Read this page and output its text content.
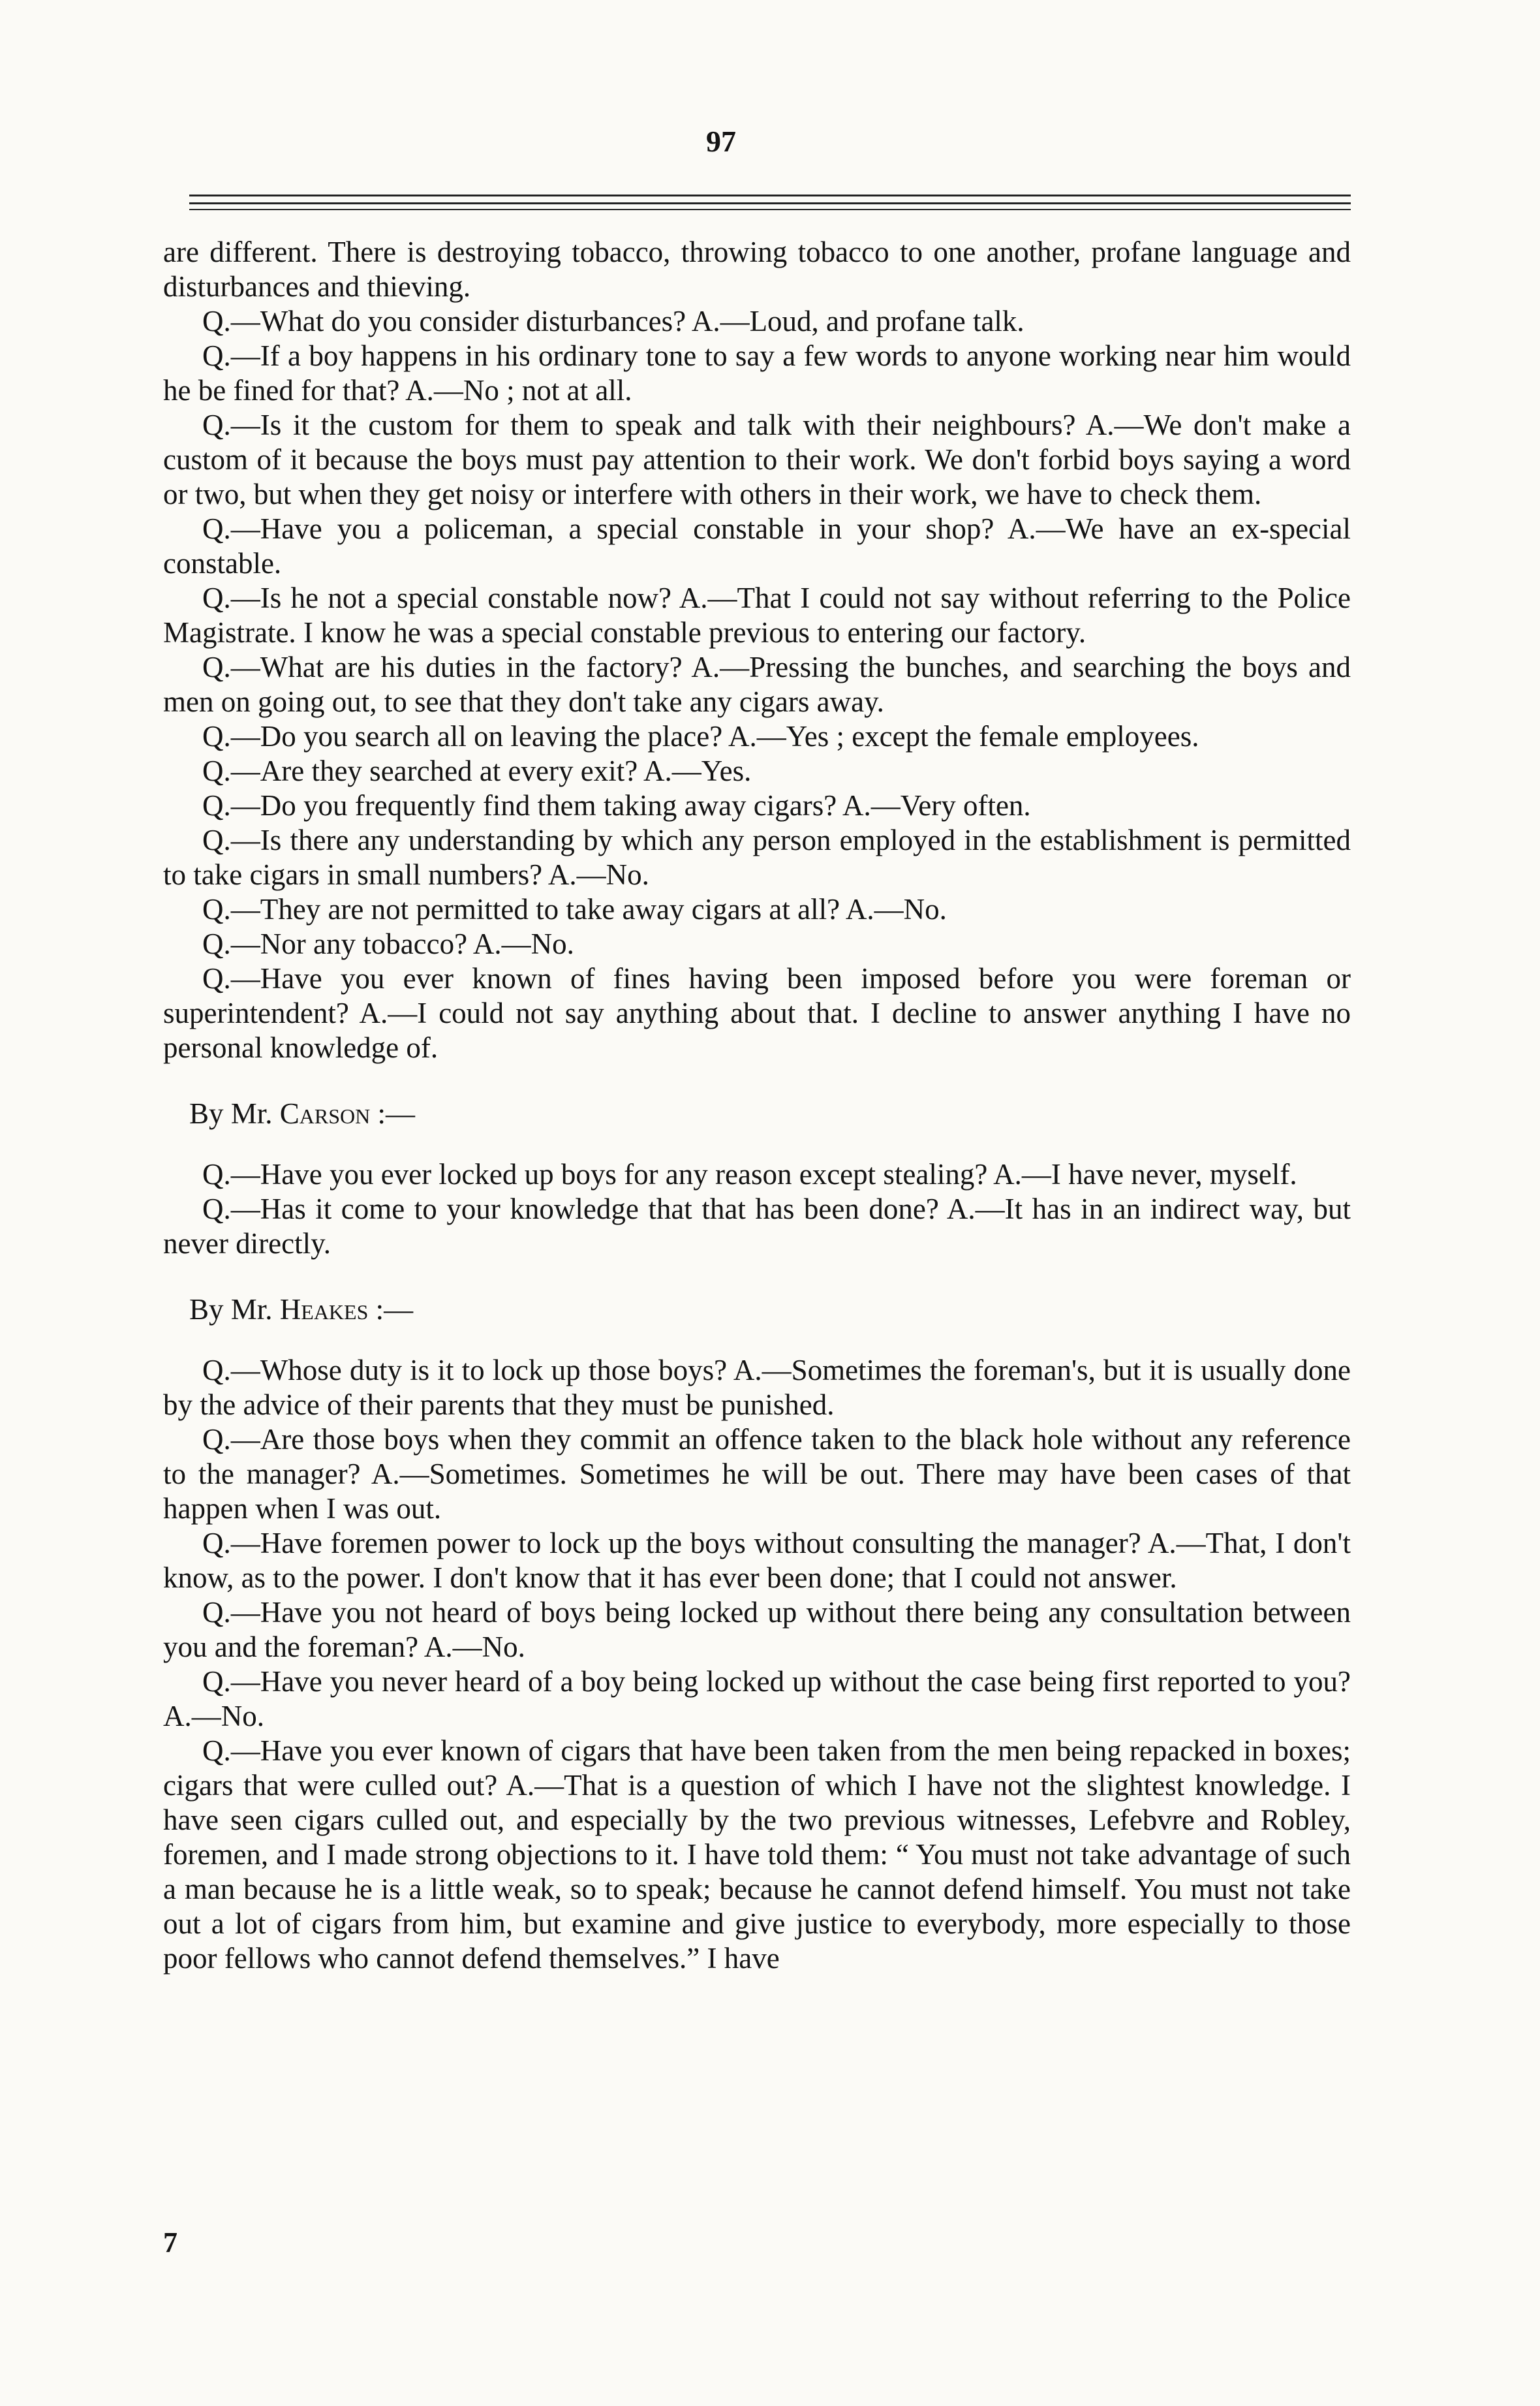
97

are different. There is destroying tobacco, throwing tobacco to one another, profane language and disturbances and thieving.

Q.—What do you consider disturbances? A.—Loud, and profane talk.

Q.—If a boy happens in his ordinary tone to say a few words to anyone working near him would he be fined for that? A.—No ; not at all.

Q.—Is it the custom for them to speak and talk with their neighbours? A.—We don't make a custom of it because the boys must pay attention to their work. We don't forbid boys saying a word or two, but when they get noisy or interfere with others in their work, we have to check them.

Q.—Have you a policeman, a special constable in your shop? A.—We have an ex-special constable.

Q.—Is he not a special constable now? A.—That I could not say without referring to the Police Magistrate. I know he was a special constable previous to entering our factory.

Q.—What are his duties in the factory? A.—Pressing the bunches, and searching the boys and men on going out, to see that they don't take any cigars away.

Q.—Do you search all on leaving the place? A.—Yes ; except the female employees.

Q.—Are they searched at every exit? A.—Yes.

Q.—Do you frequently find them taking away cigars? A.—Very often.

Q.—Is there any understanding by which any person employed in the establishment is permitted to take cigars in small numbers? A.—No.

Q.—They are not permitted to take away cigars at all? A.—No.

Q.—Nor any tobacco? A.—No.

Q.—Have you ever known of fines having been imposed before you were foreman or superintendent? A.—I could not say anything about that. I decline to answer anything I have no personal knowledge of.

By Mr. Carson :—

Q.—Have you ever locked up boys for any reason except stealing? A.—I have never, myself.

Q.—Has it come to your knowledge that that has been done? A.—It has in an indirect way, but never directly.

By Mr. Heakes :—

Q.—Whose duty is it to lock up those boys? A.—Sometimes the foreman's, but it is usually done by the advice of their parents that they must be punished.

Q.—Are those boys when they commit an offence taken to the black hole without any reference to the manager? A.—Sometimes. Sometimes he will be out. There may have been cases of that happen when I was out.

Q.—Have foremen power to lock up the boys without consulting the manager? A.—That, I don't know, as to the power. I don't know that it has ever been done; that I could not answer.

Q.—Have you not heard of boys being locked up without there being any consultation between you and the foreman? A.—No.

Q.—Have you never heard of a boy being locked up without the case being first reported to you? A.—No.

Q.—Have you ever known of cigars that have been taken from the men being repacked in boxes; cigars that were culled out? A.—That is a question of which I have not the slightest knowledge. I have seen cigars culled out, and especially by the two previous witnesses, Lefebvre and Robley, foremen, and I made strong objections to it. I have told them: “ You must not take advantage of such a man because he is a little weak, so to speak; because he cannot defend himself. You must not take out a lot of cigars from him, but examine and give justice to everybody, more especially to those poor fellows who cannot defend themselves.” I have

7
